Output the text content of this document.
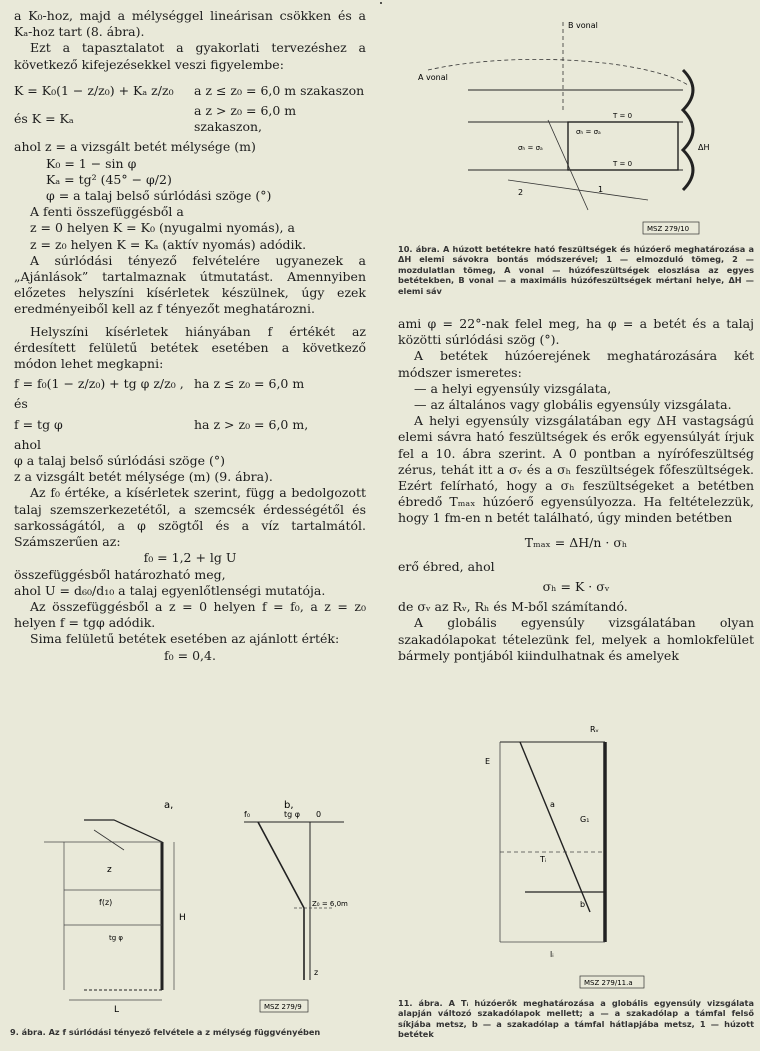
a K₀-hoz, majd a mélységgel lineárisan csökken és a Kₐ-hoz tart (8. ábra).

Ezt a tapasztalatot a gyakorlati tervezéshez a következő kifejezésekkel veszi figyelembe:

K = K₀(1 − z/z₀) + Kₐ z/z₀	a z ≤ z₀ = 6,0 m szakaszon
és K = Kₐ
a z > z₀ = 6,0 m szakaszon,

ahol z = a vizsgált betét mélysége (m)

K₀ = 1 − sin φ

Kₐ = tg² (45° − φ/2)

φ = a talaj belső súrlódási szöge (°)

A fenti összefüggésből a

z = 0 helyen K = K₀ (nyugalmi nyomás), a

z = z₀ helyen K = Kₐ (aktív nyomás) adódik.

A súrlódási tényező felvételére ugyanezek a „Ajánlások” tartalmaznak útmutatást. Amennyiben előzetes helyszíni kísérletek készülnek, úgy ezek eredményeiből kell az f tényezőt meghatározni.

Helyszíni kísérletek hiányában f értékét az érdesített felületű betétek esetében a következő módon lehet megkapni:

f = f₀(1 − z/z₀) + tg φ z/z₀ , ha z ≤ z₀ = 6,0 m

és

f = tg φ	ha z > z₀ = 6,0 m,

ahol

φ a talaj belső súrlódási szöge (°)

z a vizsgált betét mélysége (m) (9. ábra).

Az f₀ értéke, a kísérletek szerint, függ a bedolgozott talaj szemszerkezetétől, a szemcsék érdességétől és sarkosságától, a φ szögtől és a víz tartalmától. Számszerűen az:

f₀ = 1,2 + lg U

összefüggésből határozható meg,

ahol U = d₆₀/d₁₀ a talaj egyenlőtlenségi mutatója.

Az összefüggésből a z = 0 helyen f = f₀, a z = z₀ helyen f = tgφ adódik.

Sima felületű betétek esetében az ajánlott érték:

f₀ = 0,4.

a,	b,
z
f(z)
tg φ
H
L
f₀	tg φ 0
Z₀ = 6,0m
z
MSZ 279/9

9. ábra. Az f súrlódási tényező felvétele a z mélység függvényében

B vonal
A vonal
T = 0
T = 0
ΔH
σₕ = σₐ
σₕ = σₐ
1
2
MSZ 279/10

10. ábra. A húzott betétekre ható feszültségek és húzóerő meghatározása a ΔH elemi sávokra bontás módszerével; 1 — elmozduló tömeg, 2 — mozdulatlan tömeg, A vonal — húzófeszültségek eloszlása az egyes betétekben, B vonal — a maximális húzófeszültségek mértani helye, ΔH — elemi sáv

ami φ = 22°-nak felel meg, ha φ = a betét és a talaj közötti súrlódási szög (°).

A betétek húzóerejének meghatározására két módszer ismeretes:

— a helyi egyensúly vizsgálata,

— az általános vagy globális egyensúly vizsgálata.

A helyi egyensúly vizsgálatában egy ΔH vastagságú elemi sávra ható feszültségek és erők egyensúlyát írjuk fel a 10. ábra szerint. A 0 pontban a nyírófeszültség zérus, tehát itt a σᵥ és a σₕ feszültségek főfeszültségek. Ezért felírható, hogy a σₕ feszültségeket a betétben ébredő Tₘₐₓ húzóerő egyensúlyozza. Ha feltételezzük, hogy 1 fm-en n betét található, úgy minden betétben

Tₘₐₓ = ΔH/n · σₕ

erő ébred, ahol

σₕ = K · σᵥ

de σᵥ az Rᵥ, Rₕ és M-ből számítandó.

A globális egyensúly vizsgálatában olyan szakadólapokat tételezünk fel, melyek a homlokfelület bármely pontjából kiindulhatnak és amelyek

Rᵥ
E
G₁
Tᵢ
a
b
lᵢ
MSZ 279/11.a

11. ábra. A Tᵢ húzóerők meghatározása a globális egyensúly vizsgálata alapján változó szakadólapok mellett; a — a szakadólap a támfal felső síkjába metsz, b — a szakadólap a támfal hátlapjába metsz, 1 — húzott betétek
